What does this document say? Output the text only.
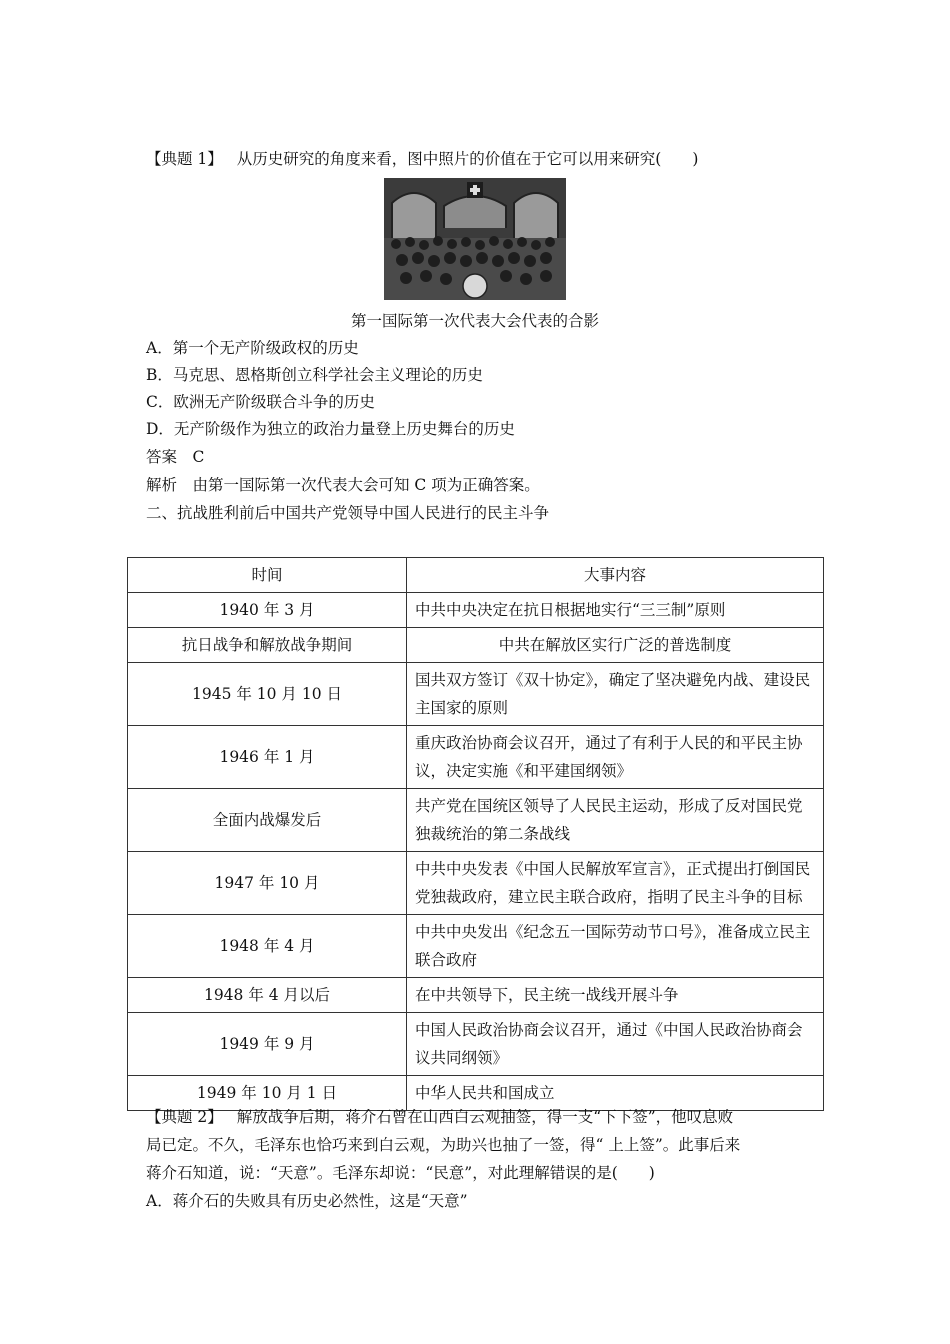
【典题 1】 从历史研究的角度来看，图中照片的价值在于它可以用来研究(　　)
第一国际第一次代表大会代表的合影
A．第一个无产阶级政权的历史
B．马克思、恩格斯创立科学社会主义理论的历史
C．欧洲无产阶级联合斗争的历史
D．无产阶级作为独立的政治力量登上历史舞台的历史
答案　C
解析　由第一国际第一次代表大会可知 C 项为正确答案。
二、抗战胜利前后中国共产党领导中国人民进行的民主斗争
时间	大事内容
1940 年 3 月	中共中央决定在抗日根据地实行“三三制”原则
抗日战争和解放战争期间	中共在解放区实行广泛的普选制度
1945 年 10 月 10 日	国共双方签订《双十协定》，确定了坚决避免内战、建设民主国家的原则
1946 年 1 月	重庆政治协商会议召开，通过了有利于人民的和平民主协议，决定实施《和平建国纲领》
全面内战爆发后	共产党在国统区领导了人民民主运动，形成了反对国民党独裁统治的第二条战线
1947 年 10 月	中共中央发表《中国人民解放军宣言》，正式提出打倒国民党独裁政府，建立民主联合政府，指明了民主斗争的目标
1948 年 4 月	中共中央发出《纪念五一国际劳动节口号》，准备成立民主联合政府
1948 年 4 月以后	在中共领导下，民主统一战线开展斗争
1949 年 9 月	中国人民政治协商会议召开，通过《中国人民政治协商会议共同纲领》
1949 年 10 月 1 日	中华人民共和国成立
【典题 2】 解放战争后期，蒋介石曾在山西白云观抽签，得一支“下下签”，他叹息败
局已定。不久，毛泽东也恰巧来到白云观，为助兴也抽了一签，得“ 上上签”。此事后来
蒋介石知道，说：“天意”。毛泽东却说：“民意”，对此理解错误的是(　　)
A．蒋介石的失败具有历史必然性，这是“天意”
